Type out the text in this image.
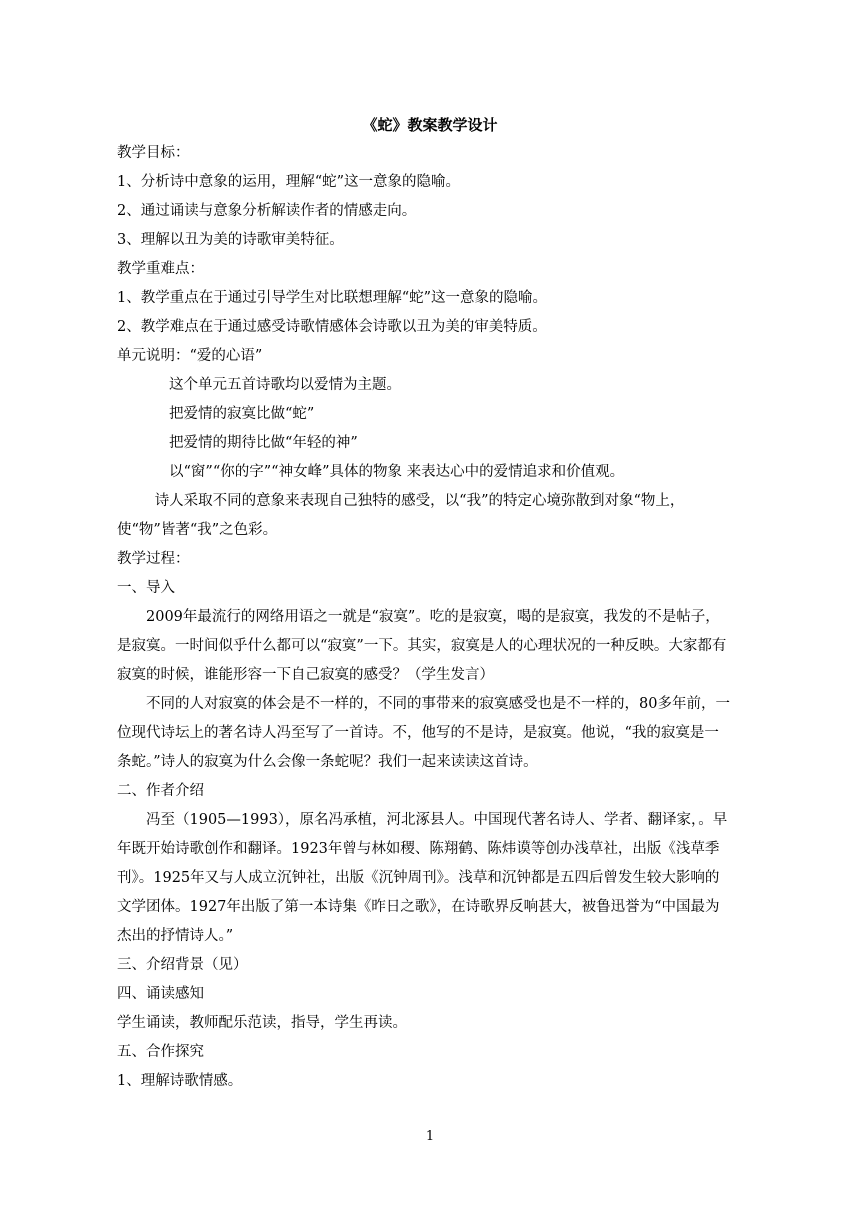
《蛇》教案教学设计

教学目标：

1、分析诗中意象的运用，理解“蛇”这一意象的隐喻。

2、通过诵读与意象分析解读作者的情感走向。

3、理解以丑为美的诗歌审美特征。

教学重难点：

1、教学重点在于通过引导学生对比联想理解“蛇”这一意象的隐喻。

2、教学难点在于通过感受诗歌情感体会诗歌以丑为美的审美特质。

单元说明：“爱的心语”

这个单元五首诗歌均以爱情为主题。

把爱情的寂寞比做“蛇”

把爱情的期待比做“年轻的神”

以“窗”“你的字”“神女峰”具体的物象 来表达心中的爱情追求和价值观。

诗人采取不同的意象来表现自己独特的感受，以“我”的特定心境弥散到对象“物上，使“物”皆著“我”之色彩。

教学过程：

一、导入

2009年最流行的网络用语之一就是“寂寞”。吃的是寂寞，喝的是寂寞，我发的不是帖子，是寂寞。一时间似乎什么都可以“寂寞”一下。其实，寂寞是人的心理状况的一种反映。大家都有寂寞的时候，谁能形容一下自己寂寞的感受？（学生发言）

不同的人对寂寞的体会是不一样的，不同的事带来的寂寞感受也是不一样的，80多年前，一位现代诗坛上的著名诗人冯至写了一首诗。不，他写的不是诗，是寂寞。他说，“我的寂寞是一条蛇。”诗人的寂寞为什么会像一条蛇呢？我们一起来读读这首诗。

二、作者介绍

冯至（1905—1993），原名冯承植，河北涿县人。中国现代著名诗人、学者、翻译家，。早年既开始诗歌创作和翻译。1923年曾与林如稷、陈翔鹤、陈炜谟等创办浅草社，出版《浅草季刊》。1925年又与人成立沉钟社，出版《沉钟周刊》。浅草和沉钟都是五四后曾发生较大影响的文学团体。1927年出版了第一本诗集《昨日之歌》，在诗歌界反响甚大，被鲁迅誉为“中国最为杰出的抒情诗人。”

三、介绍背景（见）

四、诵读感知

学生诵读，教师配乐范读，指导，学生再读。

五、合作探究

1、理解诗歌情感。

1
